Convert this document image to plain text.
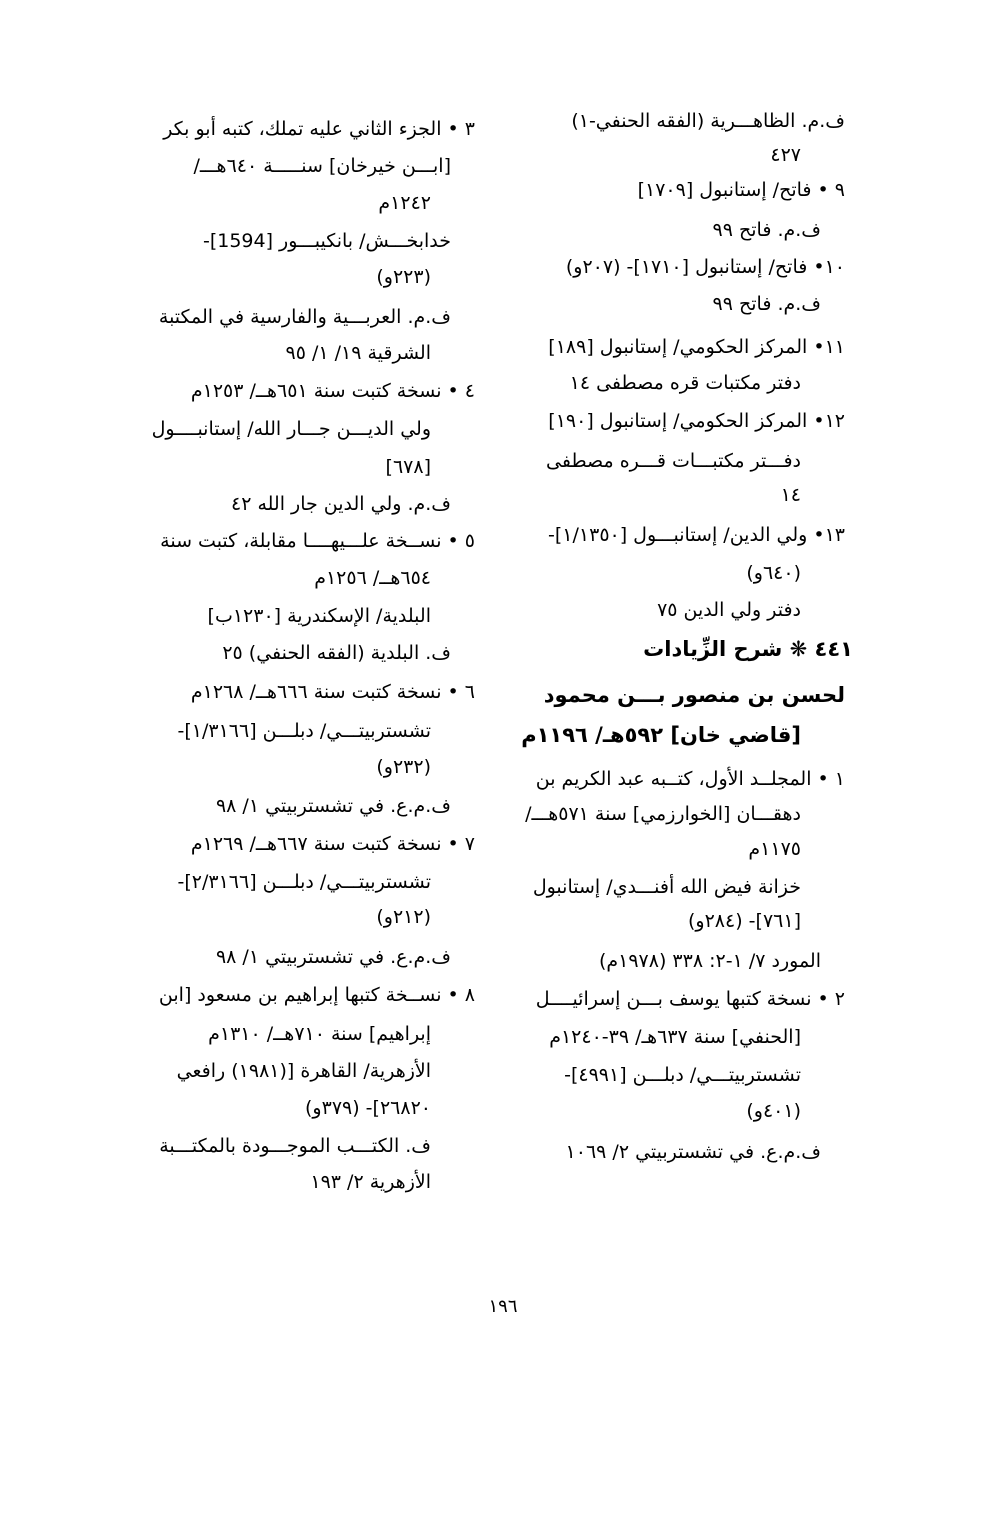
ف.م. الظاهـــرية (الفقه الحنفي-١)
٤٢٧
٩ • فاتح/ إستانبول [١٧٠٩]
ف.م. فاتح ٩٩
١٠• فاتح/ إستانبول [١٧١٠]- (٢٠٧و)
ف.م. فاتح ٩٩
١١• المركز الحكومي/ إستانبول [١٨٩]
دفتر مكتبات قره مصطفى ١٤
١٢• المركز الحكومي/ إستانبول [١٩٠]
دفـــتر مكتبـــات قـــره مصطفى
١٤
١٣• ولي الدين/ إستانبـــول [١/١٣٥٠]-
(٦٤٠و)
دفتر ولي الدين ٧٥
٤٤١ ❋ شرح الزِّيادات
لحسن بن منصور بـــن محمود
[قاضي خان] ٥٩٢هـ/ ١١٩٦م
١ • المجلــد الأول، كتــبه عبد الكريم بن
دهقـــان [الخوارزمي] سنة ٥٧١هـــ/
١١٧٥م
خزانة فيض الله أفنـــدي/ إستانبول
[٧٦١]- (٢٨٤و)
المورد ٧/ ١-٢: ٣٣٨ (١٩٧٨م)
٢ • نسخة كتبها يوسف بـــن إسرائيــــل
[الحنفي] سنة ٦٣٧هـ/ ٣٩-١٢٤٠م
تشستربيتـــي/ دبلـــن [٤٩٩١]-
(٤٠١و)
ف.م.ع. في تشستربيتي ٢/ ١٠٦٩
٣ • الجزء الثاني عليه تملك، كتبه أبو بكر
[ابـــن خيرخان] سنـــــة ٦٤٠هـــ/
١٢٤٢م
خدابخـــش/ بانكيبـــور [1594]-
(٢٢٣و)
ف.م. العربـــية والفارسية في المكتبة
الشرقية ١٩/ ١/ ٩٥
٤ • نسخة كتبت سنة ٦٥١هــ/ ١٢٥٣م
ولي الديـــن جـــار الله/ إستانبــــول
[٦٧٨]
ف.م. ولي الدين جار الله ٤٢
٥ • نســخة علـــيهــــا مقابلة، كتبت سنة
٦٥٤هــ/ ١٢٥٦م
البلدية/ الإسكندرية [١٢٣٠ب]
ف. البلدية (الفقه الحنفي) ٢٥
٦ • نسخة كتبت سنة ٦٦٦هــ/ ١٢٦٨م
تشستربيتـــي/ دبلـــن [١/٣١٦٦]-
(٢٣٢و)
ف.م.ع. في تشستربيتي ١/ ٩٨
٧ • نسخة كتبت سنة ٦٦٧هــ/ ١٢٦٩م
تشستربيتـــي/ دبلـــن [٢/٣١٦٦]-
(٢١٢و)
ف.م.ع. في تشستربيتي ١/ ٩٨
٨ • نســخة كتبها إبراهيم بن مسعود [ابن
إبراهيم] سنة ٧١٠هــ/ ١٣١٠م
الأزهرية/ القاهرة [(١٩٨١) رافعي
٢٦٨٢٠]- (٣٧٩و)
ف. الكتـــب الموجـــودة بالمكتـــبة
الأزهرية ٢/ ١٩٣
١٩٦
